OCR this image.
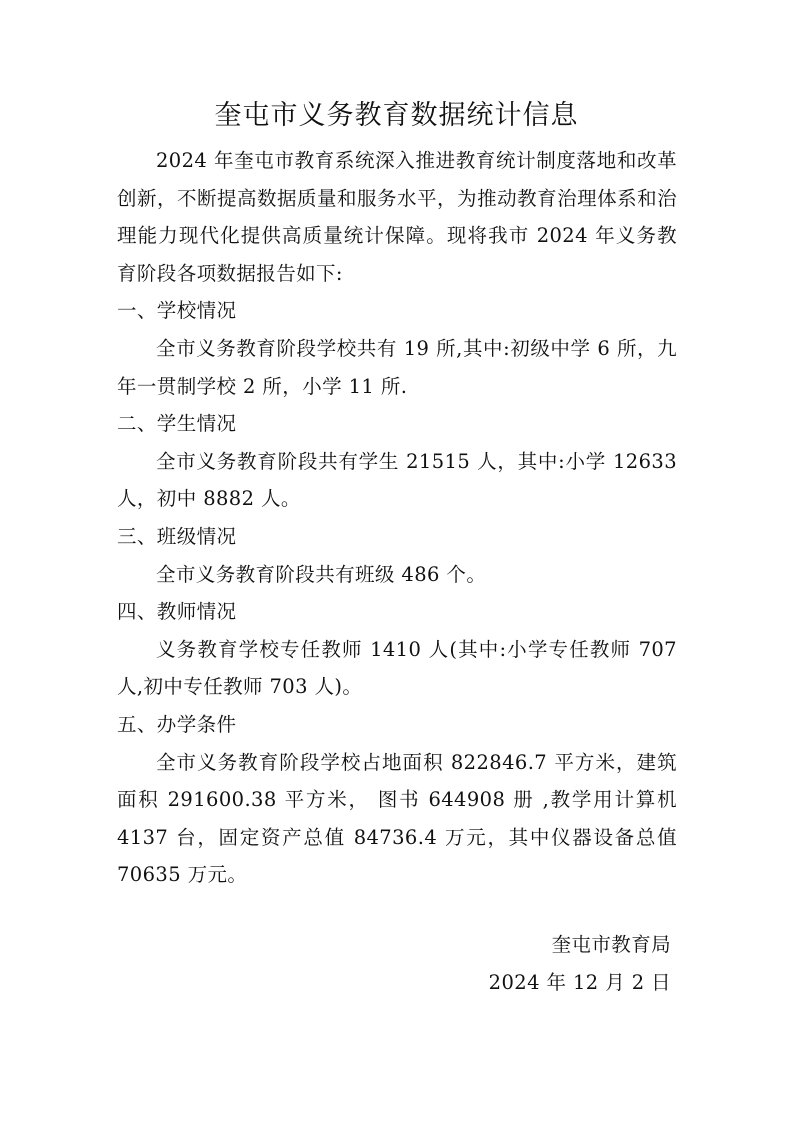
奎屯市义务教育数据统计信息

2024 年奎屯市教育系统深入推进教育统计制度落地和改革创新，不断提高数据质量和服务水平，为推动教育治理体系和治理能力现代化提供高质量统计保障。现将我市 2024 年义务教育阶段各项数据报告如下:

一、学校情况

全市义务教育阶段学校共有 19 所,其中:初级中学 6 所，九年一贯制学校 2 所，小学 11 所.

二、学生情况

全市义务教育阶段共有学生 21515 人，其中:小学 12633 人，初中 8882 人。

三、班级情况

全市义务教育阶段共有班级 486 个。

四、教师情况

义务教育学校专任教师 1410 人(其中:小学专任教师 707 人,初中专任教师 703 人)。

五、办学条件

全市义务教育阶段学校占地面积 822846.7 平方米，建筑面积 291600.38 平方米， 图书 644908 册 ,教学用计算机 4137 台，固定资产总值 84736.4 万元，其中仪器设备总值 70635 万元。

奎屯市教育局
2024 年 12 月 2 日
